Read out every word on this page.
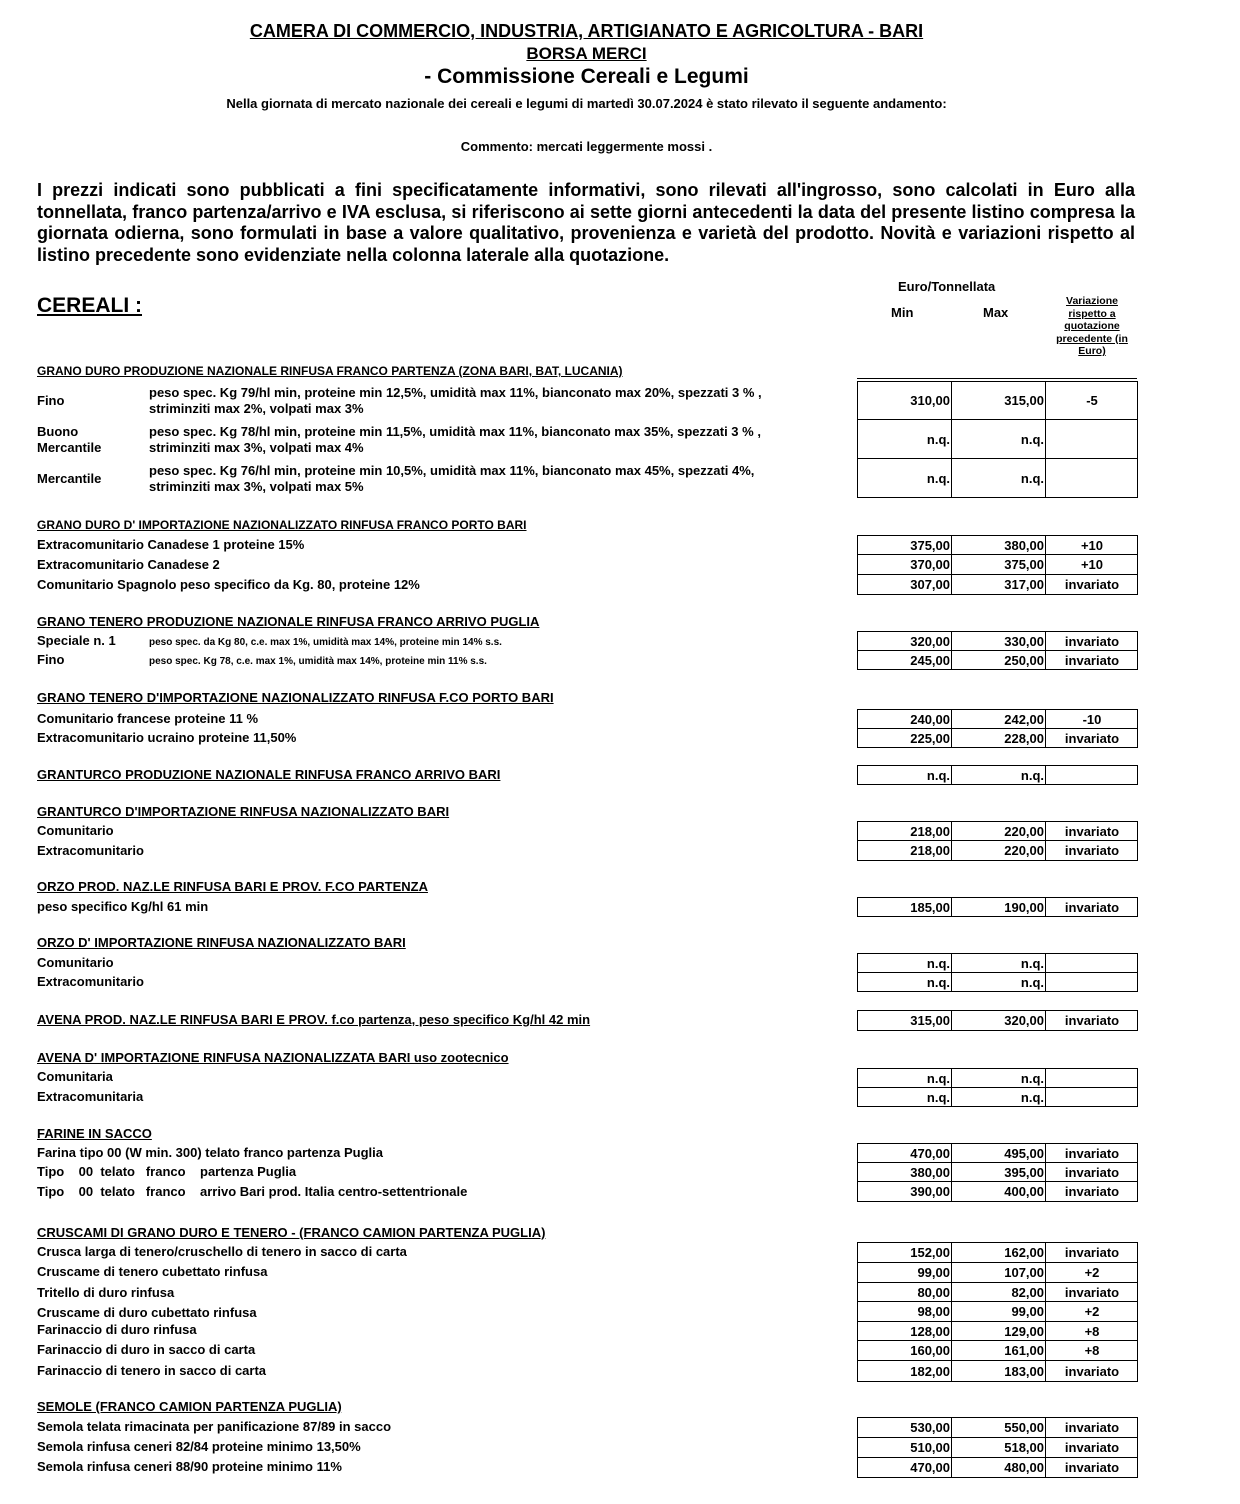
CAMERA DI COMMERCIO, INDUSTRIA, ARTIGIANATO E AGRICOLTURA - BARI
BORSA MERCI
- Commissione Cereali e Legumi
Nella giornata di mercato nazionale dei cereali e legumi di martedì 30.07.2024 è stato rilevato il seguente andamento:
Commento: mercati leggermente mossi .
I prezzi indicati sono pubblicati a fini specificatamente informativi, sono rilevati all'ingrosso, sono calcolati in Euro alla tonnellata, franco partenza/arrivo e IVA esclusa, si riferiscono ai sette giorni antecedenti la data del presente listino compresa la giornata odierna, sono formulati in base a valore qualitativo, provenienza e varietà del prodotto. Novità e variazioni rispetto al listino precedente sono evidenziate nella colonna laterale alla quotazione.
Euro/Tonnellata
Min	Max
Variazione rispetto a quotazione precedente (in Euro)
CEREALI :
GRANO DURO PRODUZIONE NAZIONALE RINFUSA FRANCO PARTENZA (ZONA BARI, BAT, LUCANIA)
Fino
peso spec. Kg 79/hl min, proteine min 12,5%, umidità max 11%, bianconato max 20%, spezzati 3 % ,
striminziti max 2%, volpati max 3%
310,00	315,00	-5
Buono
Mercantile
peso spec. Kg 78/hl min, proteine min 11,5%, umidità max 11%, bianconato max 35%, spezzati 3 % ,
striminziti max 3%, volpati max 4%
n.q.	n.q.
Mercantile
peso spec. Kg 76/hl min, proteine min 10,5%, umidità max 11%, bianconato max 45%, spezzati 4%,
striminziti max 3%, volpati max 5%
n.q.	n.q.
GRANO DURO D' IMPORTAZIONE NAZIONALIZZATO RINFUSA FRANCO PORTO BARI
Extracomunitario Canadese 1 proteine 15%	375,00	380,00	+10
Extracomunitario Canadese 2	370,00	375,00	+10
Comunitario Spagnolo peso specifico da Kg. 80, proteine 12%	307,00	317,00	invariato
GRANO TENERO PRODUZIONE NAZIONALE RINFUSA FRANCO ARRIVO PUGLIA
Speciale n. 1	peso spec. da Kg 80, c.e. max 1%, umidità max 14%, proteine min 14% s.s.	320,00	330,00	invariato
Fino	peso spec. Kg 78, c.e. max 1%, umidità max 14%, proteine min 11% s.s.	245,00	250,00	invariato
GRANO TENERO D'IMPORTAZIONE NAZIONALIZZATO RINFUSA F.CO PORTO BARI
Comunitario francese proteine 11 %	240,00	242,00	-10
Extracomunitario ucraino proteine 11,50%	225,00	228,00	invariato
GRANTURCO PRODUZIONE NAZIONALE RINFUSA FRANCO ARRIVO BARI	n.q.	n.q.
GRANTURCO D'IMPORTAZIONE RINFUSA NAZIONALIZZATO BARI
Comunitario	218,00	220,00	invariato
Extracomunitario	218,00	220,00	invariato
ORZO PROD. NAZ.LE RINFUSA BARI E PROV. F.CO PARTENZA
peso specifico Kg/hl 61 min	185,00	190,00	invariato
ORZO D' IMPORTAZIONE RINFUSA NAZIONALIZZATO BARI
Comunitario	n.q.	n.q.
Extracomunitario	n.q.	n.q.
AVENA PROD. NAZ.LE RINFUSA BARI E PROV. f.co partenza, peso specifico Kg/hl 42 min	315,00	320,00	invariato
AVENA D' IMPORTAZIONE RINFUSA NAZIONALIZZATA BARI uso zootecnico
Comunitaria	n.q.	n.q.
Extracomunitaria	n.q.	n.q.
FARINE IN SACCO
Farina tipo 00 (W min. 300) telato franco partenza Puglia	470,00	495,00	invariato
Tipo    00  telato   franco    partenza Puglia	380,00	395,00	invariato
Tipo    00  telato   franco    arrivo Bari prod. Italia centro-settentrionale	390,00	400,00	invariato
CRUSCAMI DI GRANO DURO E TENERO - (FRANCO CAMION PARTENZA PUGLIA)
Crusca larga di tenero/cruschello di tenero in sacco di carta	152,00	162,00	invariato
Cruscame di tenero cubettato rinfusa	99,00	107,00	+2
Tritello di duro rinfusa	80,00	82,00	invariato
Cruscame di duro cubettato rinfusa	98,00	99,00	+2
Farinaccio di duro rinfusa	128,00	129,00	+8
Farinaccio di duro in sacco di carta	160,00	161,00	+8
Farinaccio di tenero in sacco di carta	182,00	183,00	invariato
SEMOLE (FRANCO CAMION PARTENZA PUGLIA)
Semola telata rimacinata per panificazione 87/89 in sacco	530,00	550,00	invariato
Semola rinfusa ceneri 82/84 proteine minimo 13,50%	510,00	518,00	invariato
Semola rinfusa ceneri 88/90 proteine minimo 11%	470,00	480,00	invariato
